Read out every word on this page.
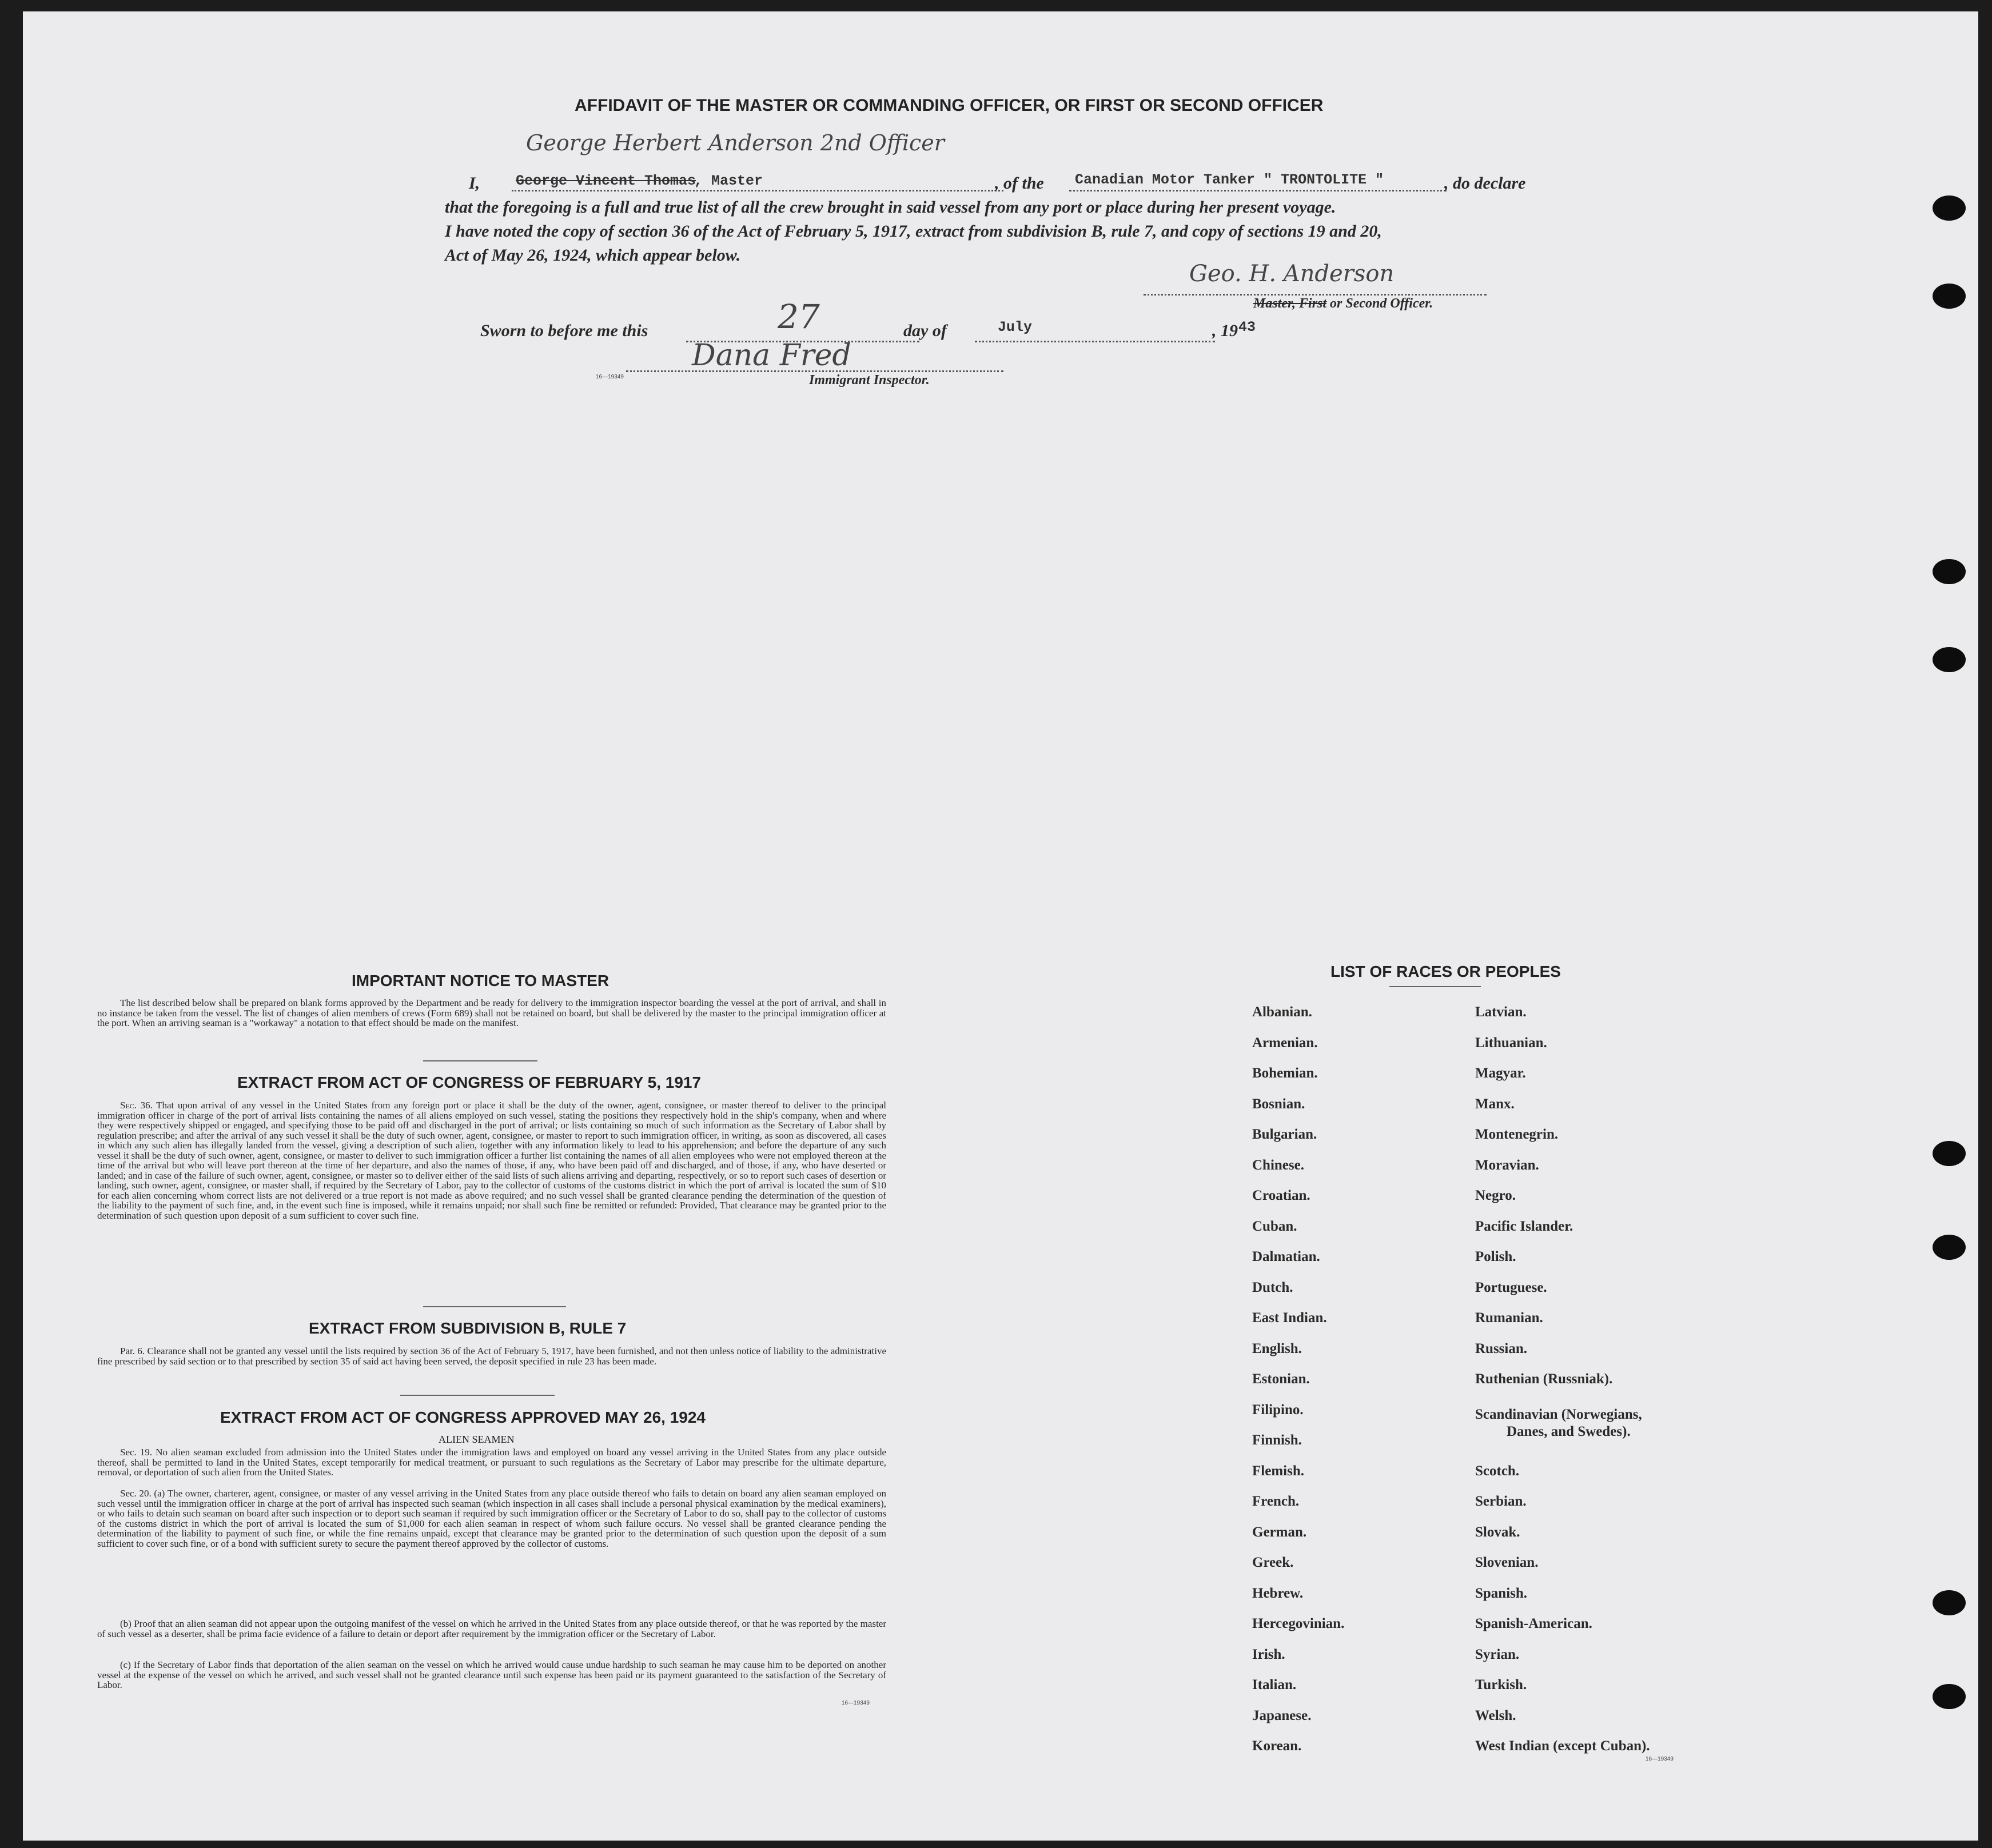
AFFIDAVIT OF THE MASTER OR COMMANDING OFFICER, OR FIRST OR SECOND OFFICER
George Herbert Anderson 2nd Officer
I,	George Vincent Thomas
, Master	, of the Canadian Motor Tanker " TRONTOLITE "	, do declare
that the foregoing is a full and true list of all the crew brought in said vessel from any port or place during her present voyage.
I have noted the copy of section 36 of the Act of February 5, 1917, extract from subdivision B, rule 7, and copy of sections 19 and 20,
Act of May 26, 1924, which appear below.
Geo. H. Anderson
Master, First or Second Officer.
Sworn to before me this	27	day of	July	, 19 43
Dana Fred
16—19349	Immigrant Inspector.
IMPORTANT NOTICE TO MASTER
The list described below shall be prepared on blank forms approved by the Department and be ready for delivery to the immigration inspector boarding the vessel at the port of arrival, and shall in no instance be taken from the vessel. The list of changes of alien members of crews (Form 689) shall not be retained on board, but shall be delivered by the master to the principal immigration officer at the port. When an arriving seaman is a "workaway" a notation to that effect should be made on the manifest.
EXTRACT FROM ACT OF CONGRESS OF FEBRUARY 5, 1917
Sec. 36. That upon arrival of any vessel in the United States from any foreign port or place it shall be the duty of the owner, agent, consignee, or master thereof to deliver to the principal immigration officer in charge of the port of arrival lists containing the names of all aliens employed on such vessel, stating the positions they respectively hold in the ship's company, when and where they were respectively shipped or engaged, and specifying those to be paid off and discharged in the port of arrival; or lists containing so much of such information as the Secretary of Labor shall by regulation prescribe; and after the arrival of any such vessel it shall be the duty of such owner, agent, consignee, or master to report to such immigration officer, in writing, as soon as discovered, all cases in which any such alien has illegally landed from the vessel, giving a description of such alien, together with any information likely to lead to his apprehension; and before the departure of any such vessel it shall be the duty of such owner, agent, consignee, or master to deliver to such immigration officer a further list containing the names of all alien employees who were not employed thereon at the time of the arrival but who will leave port thereon at the time of her departure, and also the names of those, if any, who have been paid off and discharged, and of those, if any, who have deserted or landed; and in case of the failure of such owner, agent, consignee, or master so to deliver either of the said lists of such aliens arriving and departing, respectively, or so to report such cases of desertion or landing, such owner, agent, consignee, or master shall, if required by the Secretary of Labor, pay to the collector of customs of the customs district in which the port of arrival is located the sum of $10 for each alien concerning whom correct lists are not delivered or a true report is not made as above required; and no such vessel shall be granted clearance pending the determination of the question of the liability to the payment of such fine, and, in the event such fine is imposed, while it remains unpaid; nor shall such fine be remitted or refunded: Provided, That clearance may be granted prior to the determination of such question upon deposit of a sum sufficient to cover such fine.
EXTRACT FROM SUBDIVISION B, RULE 7
Par. 6. Clearance shall not be granted any vessel until the lists required by section 36 of the Act of February 5, 1917, have been furnished, and not then unless notice of liability to the administrative fine prescribed by said section or to that prescribed by section 35 of said act having been served, the deposit specified in rule 23 has been made.
EXTRACT FROM ACT OF CONGRESS APPROVED MAY 26, 1924
ALIEN SEAMEN
Sec. 19. No alien seaman excluded from admission into the United States under the immigration laws and employed on board any vessel arriving in the United States from any place outside thereof, shall be permitted to land in the United States, except temporarily for medical treatment, or pursuant to such regulations as the Secretary of Labor may prescribe for the ultimate departure, removal, or deportation of such alien from the United States.
Sec. 20. (a) The owner, charterer, agent, consignee, or master of any vessel arriving in the United States from any place outside thereof who fails to detain on board any alien seaman employed on such vessel until the immigration officer in charge at the port of arrival has inspected such seaman (which inspection in all cases shall include a personal physical examination by the medical examiners), or who fails to detain such seaman on board after such inspection or to deport such seaman if required by such immigration officer or the Secretary of Labor to do so, shall pay to the collector of customs of the customs district in which the port of arrival is located the sum of $1,000 for each alien seaman in respect of whom such failure occurs. No vessel shall be granted clearance pending the determination of the liability to payment of such fine, or while the fine remains unpaid, except that clearance may be granted prior to the determination of such question upon the deposit of a sum sufficient to cover such fine, or of a bond with sufficient surety to secure the payment thereof approved by the collector of customs.
(b) Proof that an alien seaman did not appear upon the outgoing manifest of the vessel on which he arrived in the United States from any place outside thereof, or that he was reported by the master of such vessel as a deserter, shall be prima facie evidence of a failure to detain or deport after requirement by the immigration officer or the Secretary of Labor.
(c) If the Secretary of Labor finds that deportation of the alien seaman on the vessel on which he arrived would cause undue hardship to such seaman he may cause him to be deported on another vessel at the expense of the vessel on which he arrived, and such vessel shall not be granted clearance until such expense has been paid or its payment guaranteed to the satisfaction of the Secretary of Labor.
16—19349
LIST OF RACES OR PEOPLES
16—19349
Albanian.
Armenian.
Bohemian.
Bosnian.
Bulgarian.
Chinese.
Croatian.
Cuban.
Dalmatian.
Dutch.
East Indian.
English.
Estonian.
Filipino.
Finnish.
Flemish.
French.
German.
Greek.
Hebrew.
Hercegovinian.
Irish.
Italian.
Japanese.
Korean.
Latvian.
Lithuanian.
Magyar.
Manx.
Montenegrin.
Moravian.
Negro.
Pacific Islander.
Polish.
Portuguese.
Rumanian.
Russian.
Ruthenian (Russniak).
Scandinavian (Norwegians,
Danes, and Swedes).
Scotch.
Serbian.
Slovak.
Slovenian.
Spanish.
Spanish-American.
Syrian.
Turkish.
Welsh.
West Indian (except Cuban).
